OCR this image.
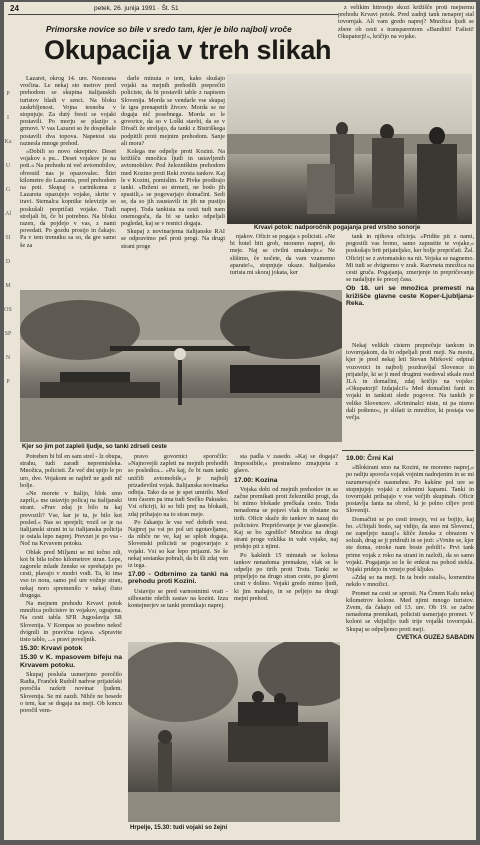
24	petek, 26. junija 1991 · Št. 51
Primorske novice so bile v sredo tam, kjer je bilo najbolj vroče
Okupacija v treh slikah

Lazaret, okrog 14. ure. Nesnosna vročina. Le nekaj sto metrov pred prehodom se skupina italijanskih turistov hladi v senci. Na bloku zaskrbljenost. Vojna tesnoba v stopnjuje. Za dutý fresti se vojaki postavili. Po morju se plazijo s grmovi. V vas Lazaret so že dospeliale postavili dva topova. Napetost sta raznesla mnoge prehod.

»Dobili so novo okrepitev. Deset vojakov s pu... Deset vojakov je na poti.« Na prehodu ni več avtomobilov, obvestil nas je opazovalec. Štiri kilometre do Lazareta, pred prehodom na poti. Skupaj s carinikoma z Lazareta opazujejo vojake, skrite v travi. Stemalca kopnike televizije so poskušali prepričati vojake. Tudi streljali bi, če bi potrebno. Na bloku razen, da pojdejo v vas, z nami povedati. Po gozdu prosijo in čakajo. Pa v tem trenutku sa so, da gre samo še za

darle minuta o tem, kako skušajo vojaki na mejnih prehodih preprečiti policiste, da bi postavili table z napisom Slovenija. Morda se vendarle vse skupaj le igra prenapetih živcev. Morda se ne dogaja nič posebnega. Morda so le govorice, da so v Loški stavbi, da se v Divači že streljajo, da tanki z Bistriškega podpitili proti mejnim prehodom. Sanje ali mora?

Kolega me odpelje proti Kozini. Na križišču množica ljudi in ustavljenih avtomobilov. Pod železniškim prehodom med Kozino proti Reki zvrsta tankov. Kaj le v Kozini, pomislim. Iz Pivke prodirajo tanki. »Brženi so strmeti, ne bodo jih spustili,« se pogovarjajo domačini. Sedi se, da so jih zaustavili in jih ne pustijo naprej. Toda tankista na cesti tudi nam onemogoča, da bi se tanko odpeljali pogledat, kaj se v resnici dogaja.

Skupaj z novinarjema italijanske RAI se odpravimo peš proti progi. Na drugi strani proge

z velikim hitrostjo skozi križišče proti mejnemu prehodu Krvavi potok. Pred zadnji tank nenaprej stal tovornjak. Ali vam gredo naprej? Množica ljudi se zbere ob cesti s transparentom »Bandiiti! Fašisti! Okupatorji!«, kričijo na vojake.

Krvavi potok: nadporočnik pogajanja pred vrstno sonorje

njakov. Oficir se pogaja s policisti. »Ne bi hotel biti grob, moramo naprej, do meje. Naj se civilni umaknejo.« Ne slišimo, če nočete, da vam vzamemo aparate!«, stopnjuje ukaze. Italijanska turista mi skoraj jokata, ker

tank in njihova oficirja. »Pridite pit z nami, pogostili vas bomo, samo zapustite te vojake,« poskušajo brit prijateljsko, ker bolje prepričati. Žal. Oficirji se z avtomatsko na nit. Vojska se nagnemo. Mi tudi se dvignemo v zrak. Razvneta množica na cesti gruča. Pogajanja, zmerjenje in prepričevanje se nadaljuje še precej časa.

Ob 18. uri se množica premestí na križišče glavne ceste Koper-Ljubljana-Reka.
Kjer so jim pot zapleli ljudje, so tanki zdrseli ceste

Nekaj velikih cistern preprečuje tankom in tovornjakom, da bi odpeljali proti meji. Na mestu, kjer je pred nekaj leti Stevan Mirković odpiral vozovnici in najbolj pozdravljal Slovence in prijatelje, ki se ji med drugimi vsedoval stkale mod JLA in domačini, zdaj kričijo na vojsko: »Okupatorji! Izdajalci!« Med domačini fanti in vojaki in tankisti slede pogovor. Na tankih je veliko Slovencev. »Kriminalci niste, ni pa nismo dali pošteno«, je slišati iz množice, ki postaja vse večja.

19.00: Črni Kal

»Blokirani smo na Kozini, ne moremo naprej,« po radiju sporoča vojak vojnim nadrejenim in se mi razumevajoče nasmehne. Po kakšne pol ure se stopnjujejo vojaki z zelenimi kapami. Tanki in tovornjaki prihajajo v vse večjih skupinah. Oficir postavlja fanta na obroč, ki je polno ciljev proti Sloveniji.

Domačini se po cesti tresejo, vsi se bojijo, kaj bo. »Ubijali bodo, saj vidijo, da smo mi Slovenci, ne zapeljejo nazaj!« kliče ženska z obrazom v solzah, drug se ji pridruži in se jezi: »Vrnite se, kjer ste doma, otroke nam boste pobili!« Prvi tank prime vojak z roko na strani in razloži, da so samo vojaki. Pogajanja so le še enkrat na pohod stekla. Vojaki pridejo in vrnejo pod kljuko.

»Zdaj so na meji. In ta bodo ostali«, komentira nekdo v množici.

Promet na cesti se sprosti. Na Črnem Kalu nekaj kilometrov kolone. Med njimi mnogo turistov. Zvem, da čakajo od 13. ure. Ob 19. se začne nenadoma premikati, policisti usmerjajo promet. V koloni se vkijučijo tudi trije vojaški tovornjaki. Skupaj se odpeljemo proti meji.

CVETKA GUZEJ SABADIN

Potreben bi bil en sam strel - lz obupa, strahu, tudi zaradi nepremisleka. Množica, policisti. Že več dni spijo le po uro, dve. Vojakom se najbrž ne godi nič bolje.

»Ne morete v Italijo, blok smo zaprli,« me ustavijo policaj na italijanski strani. »Prav zdaj je bilo tu kaj prevozili? Vse, kar je tu, je bilo kot posled.« Nas so sprejeli; vozil se je na italijanski strani in ta italijanska policija je ostala lepo naprej. Prevzet je po vsa - Noč na Krvavem potoku.

Oblak pred Miljami se mi točno zdi, kot bi bila točno kilometrov stran. Lepe, zagorele mlade ženske se sprehajajo po cesti, plavajo v modri vodi. Ta, ki ima vso to nora, samo pol ure vožnje stran, nekaj noro spremenilo v nekaj čisto drugega.

Na mejnem prehodu Krvavi potok množica policistov in vojakov, ograjena. Na cesti tabla SFR Jugoslavija SR Slovenija. V Kompas so posebno nekoč dvignili in pravična izjava. »Spravite tisto tablo, ...« pravi poveljnik.

15.30: Krvavi potok
15.30 v K. mpasovem bifeju na Krvavem potoku.

Skupaj posluša usmerjeno poročilo Radia, Franček Rudolf nadvse prijatelski poročila razkrit novinar ljudem. Slovenija. Se mi zazdi. Nihče ne besede o tem, kar se dogaja na meji. Ob koncu poročil vem-

pravo govornici sporočilo: »Najnovejši zapleti na mejnih prehodih so posledica... »Pa kaj, če bi nam tanki uničili avtomobile,« je najbolj prizadevilni vojak. Italijanska novinarka odbija. Tako da se je spet umirilo. Med tem časom pa ima tudi Srečko Pakusko. Vsi oficirji, ki so bili prej na blokadi, zdaj prihajajo na to stran meje.

Po čakanju le vse več dobrih vest. Najprej pa vsi po pol uri ugotavljamo, da nihče ne ve, kaj se sploh dogaja. Slovenski policisti se pogovarjajo z vojaki. Vsi so kar lepo prijazni. Se še nekaj sestanka pobrali, da bi šli zdaj ven iz tega.

17.00 - Odbrnimo za tanki na prehodu proti Kozini.

Ustavijo se pred varnostnimi vrati - silhouette rdečih zastav na kozini. Izza kontejnerjev se tanki premikajo naprej.

sta padla v zasedo. »Kaj se dogaja? Impossibile,« prestrašeno zmajujeta z glavo.

17.00: Kozina

Vojska dobi od mejnih prehodov in se začne premikati proti železniški progi, da bi mimo blokade prečkala cesto. Toda nenadoma se pojavi vlak in obstane na tirih. Oficir skače do tankov in nazaj do policistov. Prepričevanje je vse glasnejše. Kaj se bo zgodilo? Množica na drugi strani proge vzklika in vabi vojake, naj pridejo pit z njimi.

Po kakšnih 15 minutah se kolona tankov nenadoma premakne, vlak se le odpelje po tirih proti Trstu. Tanki se pripeljejo na drugo stran ceste, po glavni cesti v dolino. Vojaki gredo mimo ljudi, ki jim mahajo, in se peljejo na drugi mejni prehod.

Hrpelje, 15.30: tudi vojaki so žejni
P
I
Ka
U
G
Al
SI
D
M
OS
SP
N
P
